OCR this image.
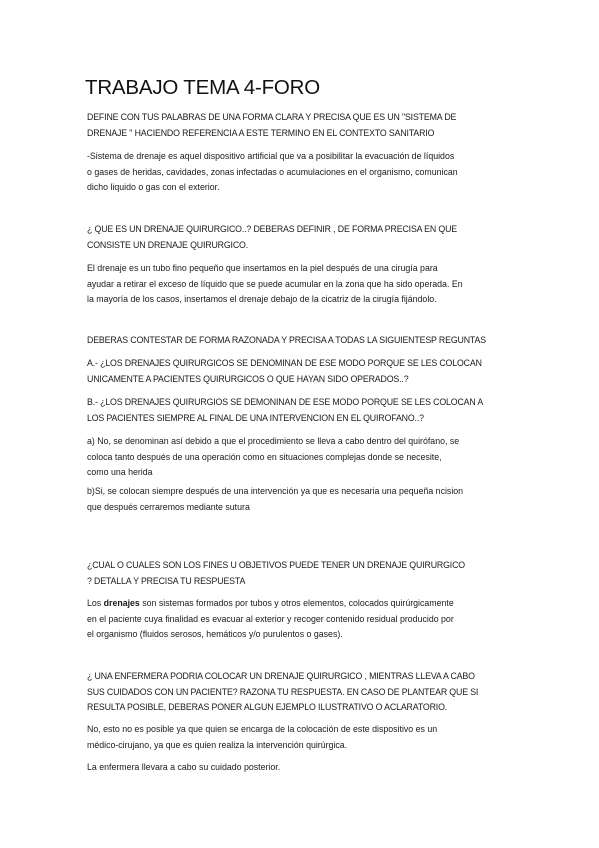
TRABAJO TEMA 4-FORO
DEFINE CON TUS PALABRAS DE UNA FORMA CLARA Y PRECISA QUE ES UN "SISTEMA DE
DRENAJE " HACIENDO REFERENCIA A ESTE TERMINO EN EL CONTEXTO SANITARIO
-Sistema de drenaje es aquel dispositivo artificial que va a posibilitar la evacuación de líquidos
o gases de heridas, cavidades, zonas infectadas o acumulaciones en el organismo, comunican
dicho liquido o gas con el exterior.
¿ QUE ES UN DRENAJE QUIRURGICO..? DEBERAS DEFINIR , DE FORMA PRECISA EN QUE
CONSISTE UN DRENAJE QUIRURGICO.
El drenaje es un tubo fino pequeño que insertamos en la piel después de una cirugía para
ayudar a retirar el exceso de líquido que se puede acumular en la zona que ha sido operada. En
la mayoría de los casos, insertamos el drenaje debajo de la cicatriz de la cirugía fijándolo.
DEBERAS CONTESTAR DE FORMA RAZONADA Y PRECISA A TODAS LA SIGUIENTESP REGUNTAS
A.- ¿LOS DRENAJES QUIRURGICOS SE DENOMINAN DE ESE MODO PORQUE SE LES COLOCAN
UNICAMENTE A PACIENTES QUIRURGICOS O QUE HAYAN SIDO OPERADOS..?
B.- ¿LOS DRENAJES QUIRURGIOS SE DEMONINAN DE ESE MODO PORQUE SE LES COLOCAN A
LOS PACIENTES SIEMPRE AL FINAL DE UNA INTERVENCION EN EL QUIROFANO..?
a) No, se denominan así debido a que el procedimiento se lleva a cabo dentro del quirófano, se
coloca tanto después de una operación como en situaciones complejas donde se necesite,
como una herida
b)Si, se colocan siempre después de una intervención ya que es necesaria una pequeña ncision
que después cerraremos mediante sutura
¿CUAL O CUALES SON LOS FINES U OBJETIVOS PUEDE TENER UN DRENAJE QUIRURGICO
? DETALLA Y PRECISA TU RESPUESTA
Los drenajes son sistemas formados por tubos y otros elementos, colocados quirúrgicamente
en el paciente cuya finalidad es evacuar al exterior y recoger contenido residual producido por
el organismo (fluidos serosos, hemáticos y/o purulentos o gases).
¿ UNA ENFERMERA PODRIA COLOCAR UN DRENAJE QUIRURGICO , MIENTRAS LLEVA A CABO
SUS CUIDADOS CON UN PACIENTE? RAZONA TU RESPUESTA. EN CASO DE PLANTEAR QUE SI
RESULTA POSIBLE, DEBERAS PONER ALGUN EJEMPLO ILUSTRATIVO O ACLARATORIO.
No, esto no es posible ya que quien se encarga de la colocación de este dispositivo es un
médico-cirujano, ya que es quien realiza la intervención quirúrgica.
La enfermera llevara a cabo su cuidado posterior.
